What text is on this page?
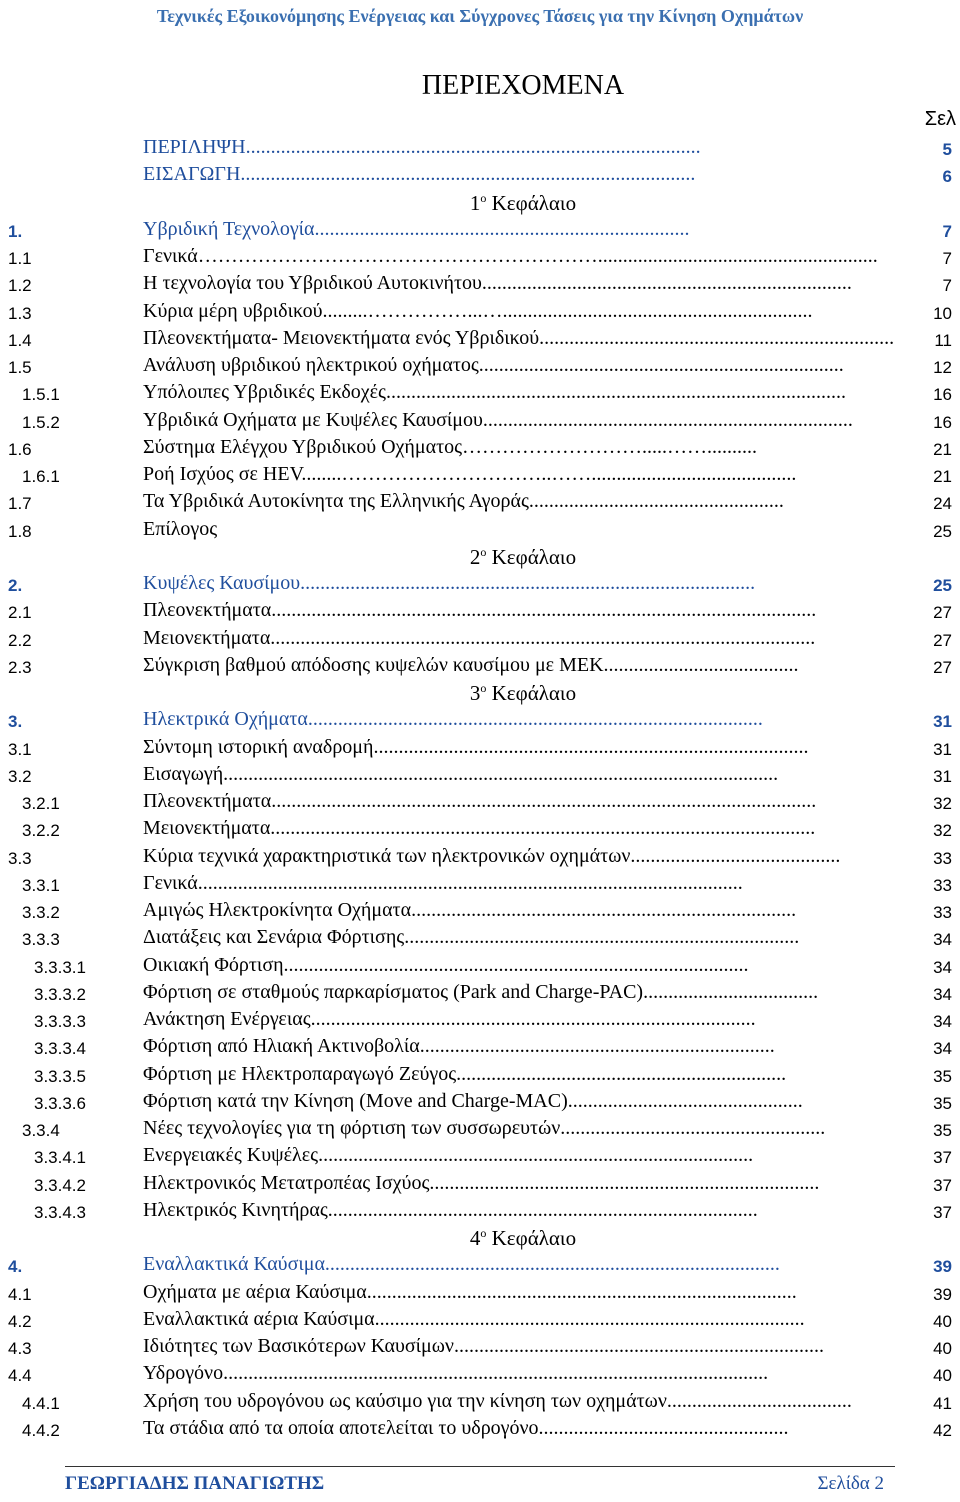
Τεχνικές Εξοικονόμησης Ενέργειας και Σύγχρονες Τάσεις για την Κίνηση Οχημάτων
ΠΕΡΙΕΧΟΜΕΝΑ
Σελ
ΠΕΡΙΛΗΨΗ...........................................................................................	5
ΕΙΣΑΓΩΓΗ...........................................................................................	6
$1^o$ Κεφάλαιο
1.	Υβριδική Τεχνολογία...........................................................................	7
1.1	Γενικά……………………………………………………........................................................	7
1.2	Η τεχνολογία του Υβριδικού Αυτοκινήτου..........................................................................	7
1.3	Κύρια μέρη υβριδικού.........……………...…..............................................................	10
1.4	Πλεονεκτήματα- Μειονεκτήματα ενός Υβριδικού.......................................................................	11
1.5	Ανάλυση υβριδικού ηλεκτρικού οχήματος.........................................................................	12
1.5.1	Υπόλοιπες Υβριδικές Εκδοχές............................................................................................	16
1.5.2	Υβριδικά Οχήματα με Κυψέλες Καυσίμου..........................................................................	16
1.6	Σύστημα Ελέγχου Υβριδικού Οχήματος……………………….....……..........	21
1.6.1	Ροή Ισχύος σε HEV........…………………………..…….........................................	21
1.7	Τα Υβριδικά Αυτοκίνητα της Ελληνικής Αγοράς...................................................	24
1.8	Επίλογος	25
$2^o$ Κεφάλαιο
2.	Κυψέλες Καυσίμου...........................................................................................	25
2.1	Πλεονεκτήματα.............................................................................................................	27
2.2	Μειονεκτήματα.............................................................................................................	27
2.3	Σύγκριση βαθμού απόδοσης κυψελών καυσίμου με ΜΕΚ.......................................	27
$3^o$ Κεφάλαιο
3.	Ηλεκτρικά Οχήματα...........................................................................................	31
3.1	Σύντομη ιστορική αναδρομή.......................................................................................	31
3.2	Εισαγωγή...............................................................................................................	31
3.2.1	Πλεονεκτήματα.............................................................................................................	32
3.2.2	Μειονεκτήματα.............................................................................................................	32
3.3	Κύρια τεχνικά χαρακτηριστικά των ηλεκτρονικών οχημάτων..........................................	33
3.3.1	Γενικά.............................................................................................................	33
3.3.2	Αμιγώς Ηλεκτροκίνητα Οχήματα.............................................................................	33
3.3.3	Διατάξεις και Σενάρια Φόρτισης...............................................................................	34
3.3.3.1	Οικιακή Φόρτιση.............................................................................................	34
3.3.3.2	Φόρτιση σε σταθμούς παρκαρίσματος (Park and Charge-PAC)...................................	34
3.3.3.3	Ανάκτηση Ενέργειας.........................................................................................	34
3.3.3.4	Φόρτιση από Ηλιακή Ακτινοβολία.......................................................................	34
3.3.3.5	Φόρτιση με Ηλεκτροπαραγωγό Ζεύγος..................................................................	35
3.3.3.6	Φόρτιση κατά την Κίνηση (Move and Charge-MAC)...............................................	35
3.3.4	Νέες τεχνολογίες για τη φόρτιση των συσσωρευτών.....................................................	35
3.3.4.1	Ενεργειακές Κυψέλες.......................................................................................	37
3.3.4.2	Ηλεκτρονικός Μετατροπέας Ισχύος..............................................................................	37
3.3.4.3	Ηλεκτρικός Κινητήρας......................................................................................	37
$4^o$ Κεφάλαιο
4.	Εναλλακτικά Καύσιμα...........................................................................................	39
4.1	Οχήματα με αέρια Καύσιμα......................................................................................	39
4.2	Εναλλακτικά αέρια Καύσιμα......................................................................................	40
4.3	Ιδιότητες των Βασικότερων Καυσίμων..........................................................................	40
4.4	Υδρογόνο.............................................................................................................	40
4.4.1	Χρήση του υδρογόνου ως καύσιμο για την κίνηση των οχημάτων.....................................	41
4.4.2	Τα στάδια από τα οποία αποτελείται το υδρογόνο..................................................	42
ΓΕΩΡΓΙΑΔΗΣ ΠΑΝΑΓΙΩΤΗΣ	Σελίδα 2
